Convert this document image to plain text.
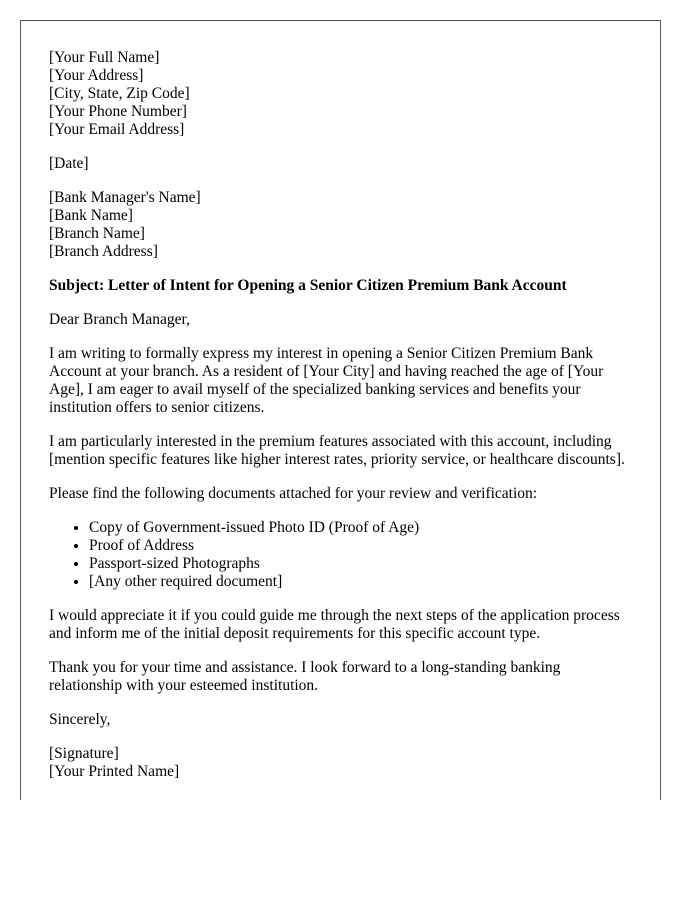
[Your Full Name]
[Your Address]
[City, State, Zip Code]
[Your Phone Number]
[Your Email Address]
[Date]
[Bank Manager's Name]
[Bank Name]
[Branch Name]
[Branch Address]
Subject: Letter of Intent for Opening a Senior Citizen Premium Bank Account

Dear Branch Manager,

I am writing to formally express my interest in opening a Senior Citizen Premium Bank Account at your branch. As a resident of [Your City] and having reached the age of [Your Age], I am eager to avail myself of the specialized banking services and benefits your institution offers to senior citizens.

I am particularly interested in the premium features associated with this account, including [mention specific features like higher interest rates, priority service, or healthcare discounts].

Please find the following documents attached for your review and verification:

• Copy of Government-issued Photo ID (Proof of Age)
• Proof of Address
• Passport-sized Photographs
• [Any other required document]

I would appreciate it if you could guide me through the next steps of the application process and inform me of the initial deposit requirements for this specific account type.

Thank you for your time and assistance. I look forward to a long-standing banking relationship with your esteemed institution.

Sincerely,

[Signature]
[Your Printed Name]
